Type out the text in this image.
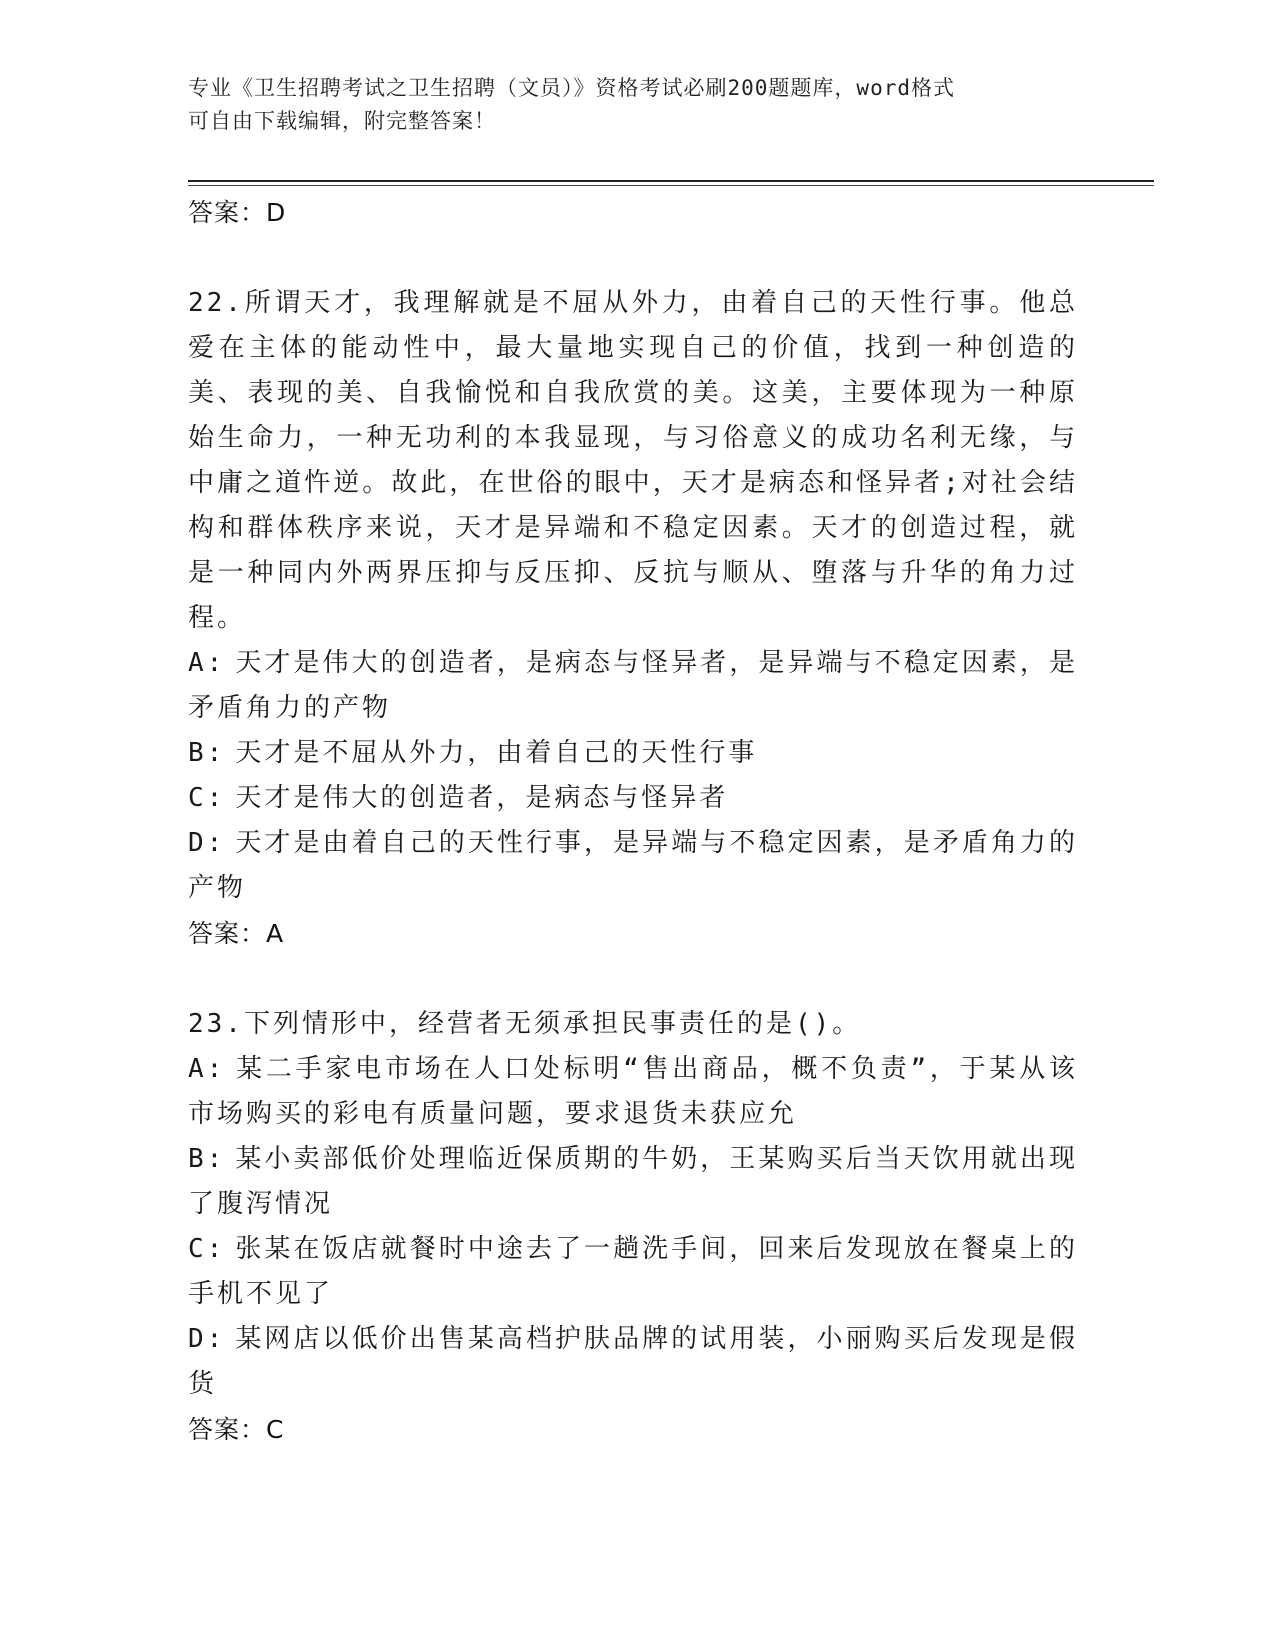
专业《卫生招聘考试之卫生招聘（文员）》资格考试必刷200题题库，word格式
可自由下载编辑，附完整答案！

答案：D

22.所谓天才，我理解就是不屈从外力，由着自己的天性行事。他总爱在主体的能动性中，最大量地实现自己的价值，找到一种创造的美、表现的美、自我愉悦和自我欣赏的美。这美，主要体现为一种原始生命力，一种无功利的本我显现，与习俗意义的成功名利无缘，与中庸之道忤逆。故此，在世俗的眼中，天才是病态和怪异者;对社会结构和群体秩序来说，天才是异端和不稳定因素。天才的创造过程，就是一种同内外两界压抑与反压抑、反抗与顺从、堕落与升华的角力过程。

A: 天才是伟大的创造者，是病态与怪异者，是异端与不稳定因素，是矛盾角力的产物

B: 天才是不屈从外力，由着自己的天性行事

C: 天才是伟大的创造者，是病态与怪异者

D: 天才是由着自己的天性行事，是异端与不稳定因素，是矛盾角力的产物

答案：A

23.下列情形中，经营者无须承担民事责任的是()。

A: 某二手家电市场在人口处标明“售出商品，概不负责”，于某从该市场购买的彩电有质量问题，要求退货未获应允

B: 某小卖部低价处理临近保质期的牛奶，王某购买后当天饮用就出现了腹泻情况

C: 张某在饭店就餐时中途去了一趟洗手间，回来后发现放在餐桌上的手机不见了

D: 某网店以低价出售某高档护肤品牌的试用装，小丽购买后发现是假货

答案：C
